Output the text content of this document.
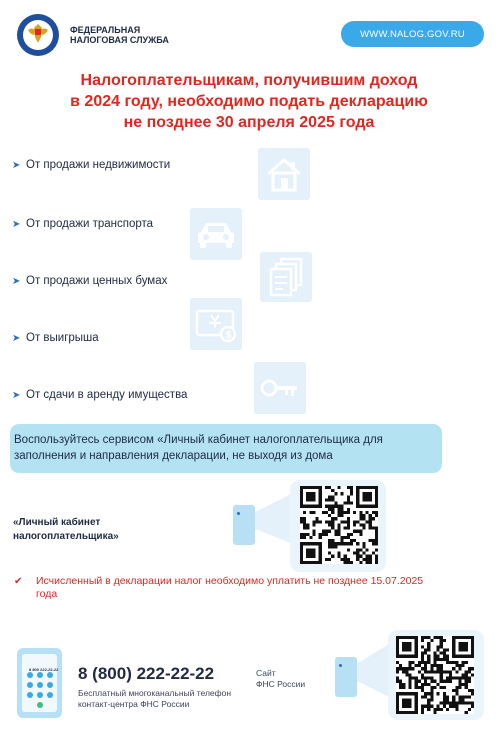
ФЕДЕРАЛЬНАЯ
НАЛОГОВАЯ СЛУЖБА
WWW.NALOG.GOV.RU
Налогоплательщикам, получившим доход
в 2024 году, необходимо подать декларацию
не позднее 30 апреля 2025 года
➤ От продажи недвижимости
➤ От продажи транспорта
➤ От продажи ценных бумах
➤ От выигрыша
➤ От сдачи в аренду имущества
$
Воспользуйтесь сервисом «Личный кабинет налогоплательщика для заполнения и направления декларации, не выходя из дома
«Личный кабинет
налогоплательщика»
✔ Исчисленный в декларации налог необходимо уплатить не позднее 15.07.2025 года
8 800 222-22-22 8 (800) 222-22-22
Бесплатный многоканальный телефон
контакт-центра ФНС России
Сайт
ФНС России
